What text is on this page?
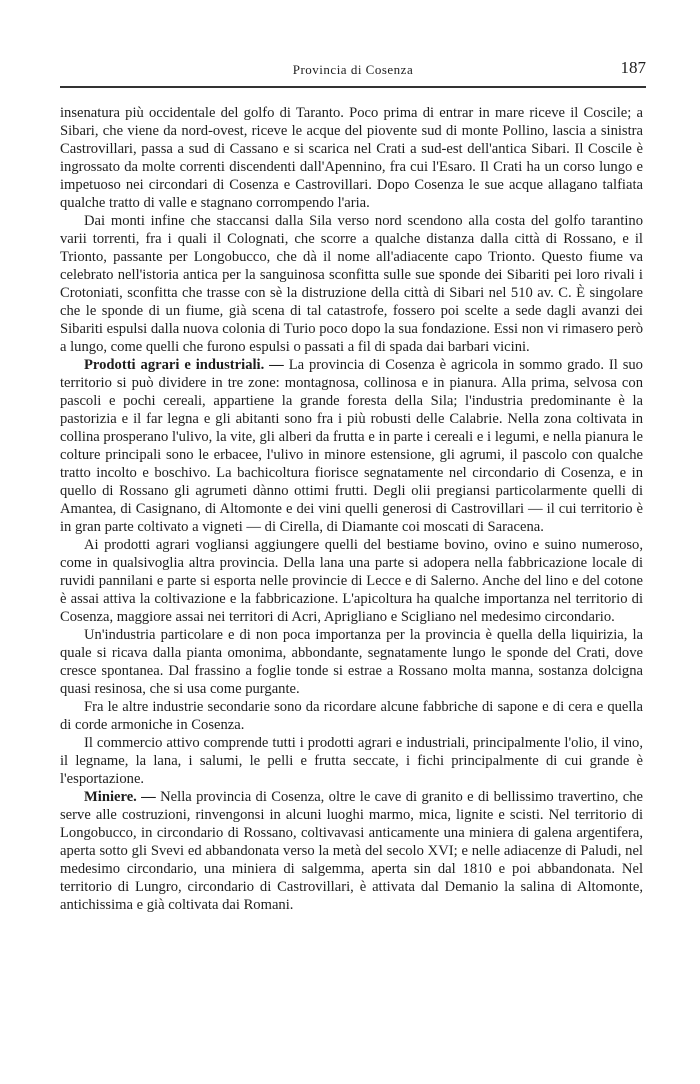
Provincia di Cosenza	187

insenatura più occidentale del golfo di Taranto. Poco prima di entrar in mare riceve il Coscile; a Sibari, che viene da nord-ovest, riceve le acque del piovente sud di monte Pollino, lascia a sinistra Castrovillari, passa a sud di Cassano e si scarica nel Crati a sud-est dell'antica Sibari. Il Coscile è ingrossato da molte correnti discendenti dall'Apennino, fra cui l'Esaro. Il Crati ha un corso lungo e impetuoso nei circondari di Cosenza e Castrovillari. Dopo Cosenza le sue acque allagano talfiata qualche tratto di valle e stagnano corrompendo l'aria.

Dai monti infine che staccansi dalla Sila verso nord scendono alla costa del golfo tarantino varii torrenti, fra i quali il Colognati, che scorre a qualche distanza dalla città di Rossano, e il Trionto, passante per Longobucco, che dà il nome all'adiacente capo Trionto. Questo fiume va celebrato nell'istoria antica per la sanguinosa sconfitta sulle sue sponde dei Sibariti pei loro rivali i Crotoniati, sconfitta che trasse con sè la distruzione della città di Sibari nel 510 av. C. È singolare che le sponde di un fiume, già scena di tal catastrofe, fossero poi scelte a sede dagli avanzi dei Sibariti espulsi dalla nuova colonia di Turio poco dopo la sua fondazione. Essi non vi rimasero però a lungo, come quelli che furono espulsi o passati a fil di spada dai barbari vicini.

Prodotti agrari e industriali. — La provincia di Cosenza è agricola in sommo grado. Il suo territorio si può dividere in tre zone: montagnosa, collinosa e in pianura. Alla prima, selvosa con pascoli e pochi cereali, appartiene la grande foresta della Sila; l'industria predominante è la pastorizia e il far legna e gli abitanti sono fra i più robusti delle Calabrie. Nella zona coltivata in collina prosperano l'ulivo, la vite, gli alberi da frutta e in parte i cereali e i legumi, e nella pianura le colture principali sono le erbacee, l'ulivo in minore estensione, gli agrumi, il pascolo con qualche tratto incolto e boschivo. La bachicoltura fiorisce segnatamente nel circondario di Cosenza, e in quello di Rossano gli agrumeti dànno ottimi frutti. Degli olii pregiansi particolarmente quelli di Amantea, di Casignano, di Altomonte e dei vini quelli generosi di Castrovillari — il cui territorio è in gran parte coltivato a vigneti — di Cirella, di Diamante coi moscati di Saracena.

Ai prodotti agrari vogliansi aggiungere quelli del bestiame bovino, ovino e suino numeroso, come in qualsivoglia altra provincia. Della lana una parte si adopera nella fabbricazione locale di ruvidi pannilani e parte si esporta nelle provincie di Lecce e di Salerno. Anche del lino e del cotone è assai attiva la coltivazione e la fabbricazione. L'apicoltura ha qualche importanza nel territorio di Cosenza, maggiore assai nei territori di Acri, Aprigliano e Scigliano nel medesimo circondario.

Un'industria particolare e di non poca importanza per la provincia è quella della liquirizia, la quale si ricava dalla pianta omonima, abbondante, segnatamente lungo le sponde del Crati, dove cresce spontanea. Dal frassino a foglie tonde si estrae a Rossano molta manna, sostanza dolcigna quasi resinosa, che si usa come purgante.

Fra le altre industrie secondarie sono da ricordare alcune fabbriche di sapone e di cera e quella di corde armoniche in Cosenza.

Il commercio attivo comprende tutti i prodotti agrari e industriali, principalmente l'olio, il vino, il legname, la lana, i salumi, le pelli e frutta seccate, i fichi principalmente di cui grande è l'esportazione.

Miniere. — Nella provincia di Cosenza, oltre le cave di granito e di bellissimo travertino, che serve alle costruzioni, rinvengonsi in alcuni luoghi marmo, mica, lignite e scisti. Nel territorio di Longobucco, in circondario di Rossano, coltivavasi anticamente una miniera di galena argentifera, aperta sotto gli Svevi ed abbandonata verso la metà del secolo XVI; e nelle adiacenze di Paludi, nel medesimo circondario, una miniera di salgemma, aperta sin dal 1810 e poi abbandonata. Nel territorio di Lungro, circondario di Castrovillari, è attivata dal Demanio la salina di Altomonte, antichissima e già coltivata dai Romani.
